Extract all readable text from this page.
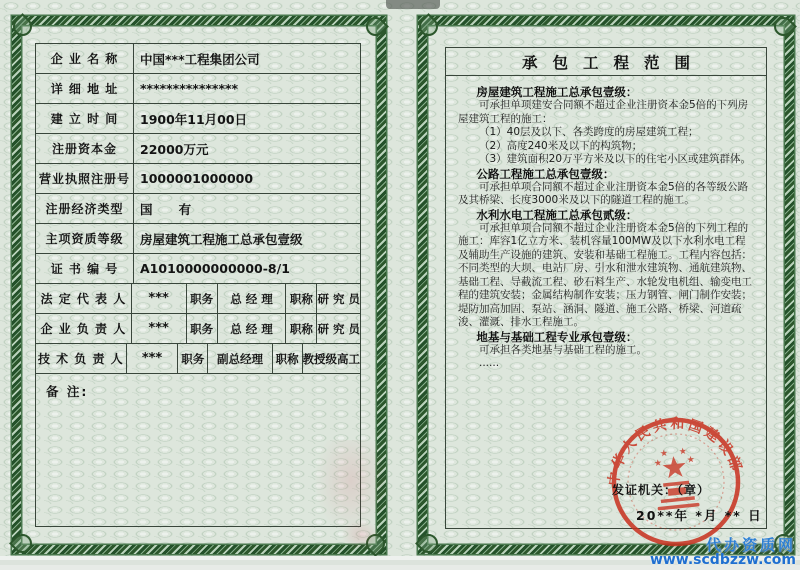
企 业 名 称	中国***工程集团公司
详 细 地 址	***************
建 立 时 间	1900年11月00日
注册资本金	22000万元
营业执照注册号 1000001000000
注册经济类型	国      有
主项资质等级	房屋建筑工程施工总承包壹级
证 书 编 号	A1010000000000-8/1
法 定 代 表 人	***	职务	总 经 理	职称 研 究 员
企 业 负 责 人	***	职务	总 经 理	职称 研 究 员
技 术 负 责 人	***	职务	副总经理	职称 教授级高工
备 注:
承包工程范围
房屋建筑工程施工总承包壹级：
可承担单项建安合同额不超过企业注册资本金5倍的下列房屋建筑工程的施工：
（1）40层及以下、各类跨度的房屋建筑工程；
（2）高度240米及以下的构筑物；
（3）建筑面积20万平方米及以下的住宅小区或建筑群体。
公路工程施工总承包壹级：
可承担单项合同额不超过企业注册资本金5倍的各等级公路及其桥梁、长度3000米及以下的隧道工程的施工。
水利水电工程施工总承包贰级：
可承担单项合同额不超过企业注册资本金5倍的下列工程的施工：库容1亿立方米、装机容量100MW及以下水利水电工程及辅助生产设施的建筑、安装和基础工程施工。工程内容包括：不同类型的大坝、电站厂房、引水和泄水建筑物、通航建筑物、基础工程、导截流工程、砂石料生产、水轮发电机组、输变电工程的建筑安装；金属结构制作安装；压力钢管、闸门制作安装；堤防加高加固、泵站、涵洞、隧道、施工公路、桥梁、河道疏浚、灌溉、排水工程施工。
地基与基础工程专业承包壹级：
可承担各类地基与基础工程的施工。
......
中华人民共和国建设部
★
★ ★
★
发证机关：（章）
20**年 *月 ** 日
代办资质网
www.scdbzzw.com
